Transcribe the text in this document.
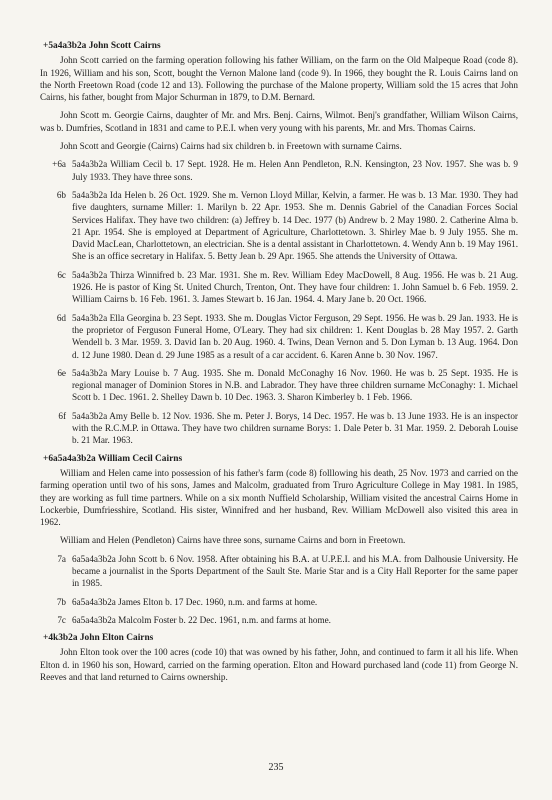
+5a4a3b2a John Scott Cairns

John Scott carried on the farming operation following his father William, on the farm on the Old Malpeque Road (code 8). In 1926, William and his son, Scott, bought the Vernon Malone land (code 9). In 1966, they bought the R. Louis Cairns land on the North Freetown Road (code 12 and 13). Following the purchase of the Malone property, William sold the 15 acres that John Cairns, his father, bought from Major Schurman in 1879, to D.M. Bernard.

John Scott m. Georgie Cairns, daughter of Mr. and Mrs. Benj. Cairns, Wilmot. Benj's grandfather, William Wilson Cairns, was b. Dumfries, Scotland in 1831 and came to P.E.I. when very young with his parents, Mr. and Mrs. Thomas Cairns.

John Scott and Georgie (Cairns) Cairns had six children b. in Freetown with surname Cairns.

+6a 5a4a3b2a William Cecil b. 17 Sept. 1928. He m. Helen Ann Pendleton, R.N. Kensington, 23 Nov. 1957. She was b. 9 July 1933. They have three sons.
6b 5a4a3b2a Ida Helen b. 26 Oct. 1929. She m. Vernon Lloyd Millar, Kelvin, a farmer. He was b. 13 Mar. 1930. They had five daughters, surname Miller: 1. Marilyn b. 22 Apr. 1953. She m. Dennis Gabriel of the Canadian Forces Social Services Halifax. They have two children: (a) Jeffrey b. 14 Dec. 1977 (b) Andrew b. 2 May 1980. 2. Catherine Alma b. 21 Apr. 1954. She is employed at Department of Agriculture, Charlottetown. 3. Shirley Mae b. 9 July 1955. She m. David MacLean, Charlottetown, an electrician. She is a dental assistant in Charlottetown. 4. Wendy Ann b. 19 May 1961. She is an office secretary in Halifax. 5. Betty Jean b. 29 Apr. 1965. She attends the University of Ottawa.
6c 5a4a3b2a Thirza Winnifred b. 23 Mar. 1931. She m. Rev. William Edey MacDowell, 8 Aug. 1956. He was b. 21 Aug. 1926. He is pastor of King St. United Church, Trenton, Ont. They have four children: 1. John Samuel b. 6 Feb. 1959. 2. William Cairns b. 16 Feb. 1961. 3. James Stewart b. 16 Jan. 1964. 4. Mary Jane b. 20 Oct. 1966.
6d 5a4a3b2a Ella Georgina b. 23 Sept. 1933. She m. Douglas Victor Ferguson, 29 Sept. 1956. He was b. 29 Jan. 1933. He is the proprietor of Ferguson Funeral Home, O'Leary. They had six children: 1. Kent Douglas b. 28 May 1957. 2. Garth Wendell b. 3 Mar. 1959. 3. David Ian b. 20 Aug. 1960. 4. Twins, Dean Vernon and 5. Don Lyman b. 13 Aug. 1964. Don d. 12 June 1980. Dean d. 29 June 1985 as a result of a car accident. 6. Karen Anne b. 30 Nov. 1967.
6e 5a4a3b2a Mary Louise b. 7 Aug. 1935. She m. Donald McConaghy 16 Nov. 1960. He was b. 25 Sept. 1935. He is regional manager of Dominion Stores in N.B. and Labrador. They have three children surname McConaghy: 1. Michael Scott b. 1 Dec. 1961. 2. Shelley Dawn b. 10 Dec. 1963. 3. Sharon Kimberley b. 1 Feb. 1966.
6f 5a4a3b2a Amy Belle b. 12 Nov. 1936. She m. Peter J. Borys, 14 Dec. 1957. He was b. 13 June 1933. He is an inspector with the R.C.M.P. in Ottawa. They have two children surname Borys: 1. Dale Peter b. 31 Mar. 1959. 2. Deborah Louise b. 21 Mar. 1963.
+6a5a4a3b2a William Cecil Cairns

William and Helen came into possession of his father's farm (code 8) folllowing his death, 25 Nov. 1973 and carried on the farming operation until two of his sons, James and Malcolm, graduated from Truro Agriculture College in May 1981. In 1985, they are working as full time partners. While on a six month Nuffield Scholarship, William visited the ancestral Cairns Home in Lockerbie, Dumfriesshire, Scotland. His sister, Winnifred and her husband, Rev. William McDowell also visited this area in 1962.

William and Helen (Pendleton) Cairns have three sons, surname Cairns and born in Freetown.

7a 6a5a4a3b2a John Scott b. 6 Nov. 1958. After obtaining his B.A. at U.P.E.I. and his M.A. from Dalhousie University. He became a journalist in the Sports Department of the Sault Ste. Marie Star and is a City Hall Reporter for the same paper in 1985.
7b 6a5a4a3b2a James Elton b. 17 Dec. 1960, n.m. and farms at home.
7c 6a5a4a3b2a Malcolm Foster b. 22 Dec. 1961, n.m. and farms at home.
+4k3b2a John Elton Cairns

John Elton took over the 100 acres (code 10) that was owned by his father, John, and continued to farm it all his life. When Elton d. in 1960 his son, Howard, carried on the farming operation. Elton and Howard purchased land (code 11) from George N. Reeves and that land returned to Cairns ownership.

235
